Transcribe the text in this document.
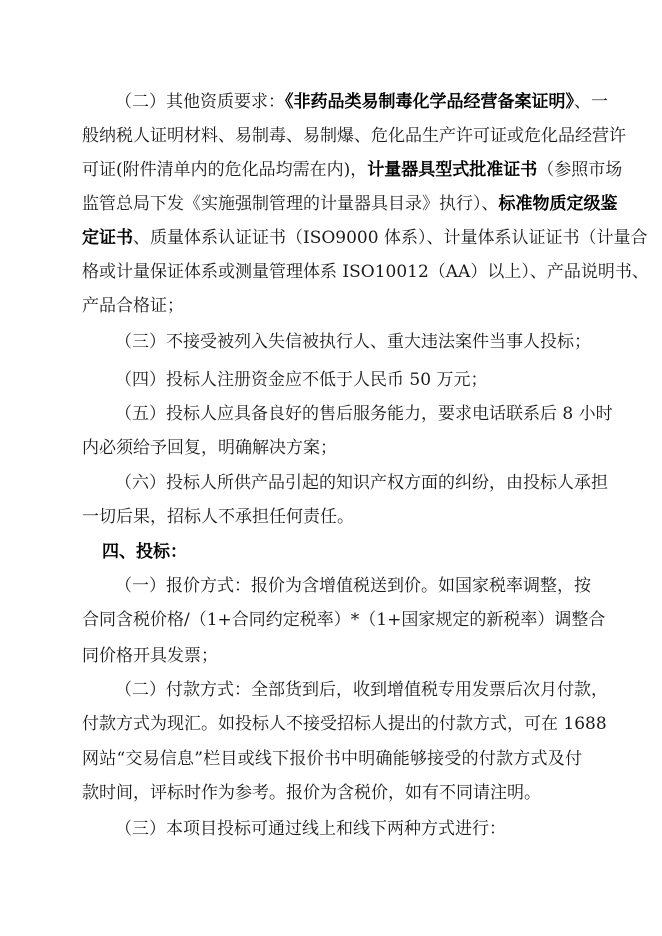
（二）其他资质要求：《非药品类易制毒化学品经营备案证明》、一
般纳税人证明材料、易制毒、易制爆、危化品生产许可证或危化品经营许
可证(附件清单内的危化品均需在内)，计量器具型式批准证书（参照市场
监管总局下发《实施强制管理的计量器具目录》执行）、标准物质定级鉴
定证书、质量体系认证证书（ISO9000 体系）、计量体系认证证书（计量合
格或计量保证体系或测量管理体系 ISO10012（AA）以上）、产品说明书、
产品合格证；
（三）不接受被列入失信被执行人、重大违法案件当事人投标；
（四）投标人注册资金应不低于人民币 50 万元；
（五）投标人应具备良好的售后服务能力，要求电话联系后 8 小时
内必须给予回复，明确解决方案；
（六）投标人所供产品引起的知识产权方面的纠纷，由投标人承担
一切后果，招标人不承担任何责任。
四、投标：
（一）报价方式：报价为含增值税送到价。如国家税率调整，按
合同含税价格/（1+合同约定税率）*（1+国家规定的新税率）调整合
同价格开具发票；
（二）付款方式：全部货到后，收到增值税专用发票后次月付款，
付款方式为现汇。如投标人不接受招标人提出的付款方式，可在 1688
网站“交易信息”栏目或线下报价书中明确能够接受的付款方式及付
款时间，评标时作为参考。报价为含税价，如有不同请注明。
（三）本项目投标可通过线上和线下两种方式进行：
